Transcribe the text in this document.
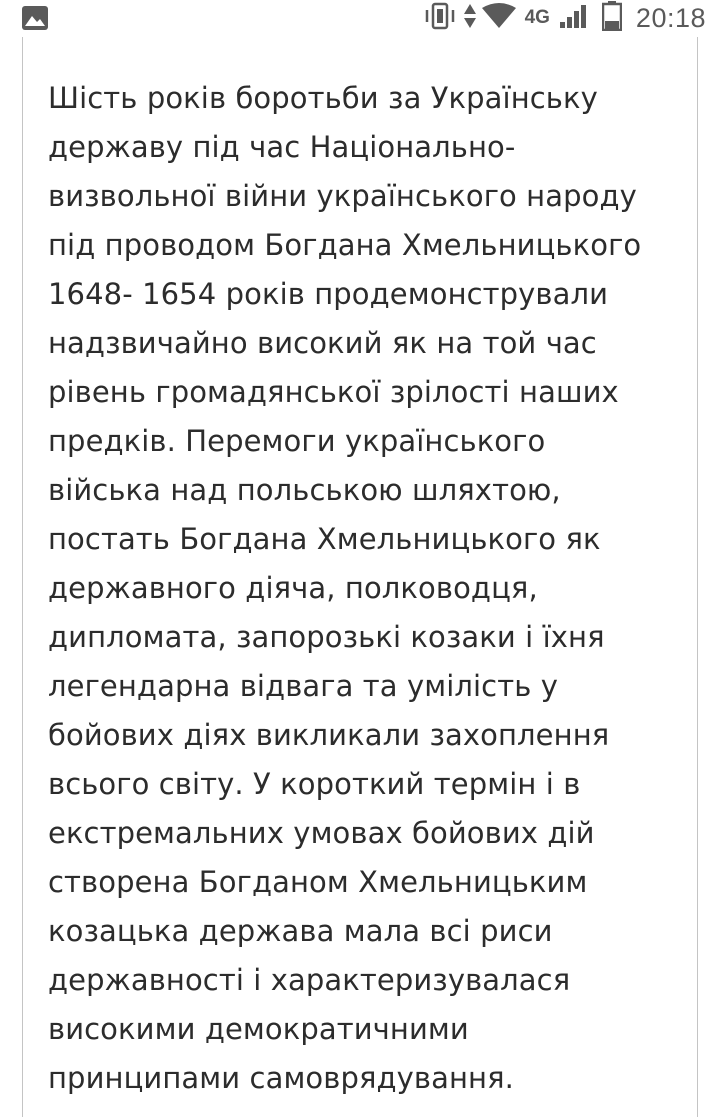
4G	20:18

Шість років боротьби за Українську
державу під час Національно-
визвольної війни українського народу
під проводом Богдана Хмельницького
1648- 1654 років продемонстрували
надзвичайно високий як на той час
рівень громадянської зрілості наших
предків. Перемоги українського
війська над польською шляхтою,
постать Богдана Хмельницького як
державного діяча, полководця,
дипломата, запорозькі козаки і їхня
легендарна відвага та умілість у
бойових діях викликали захоплення
всього світу. У короткий термін і в
екстремальних умовах бойових дій
створена Богданом Хмельницьким
козацька держава мала всі риси
державності і характеризувалася
високими демократичними
принципами самоврядування.
